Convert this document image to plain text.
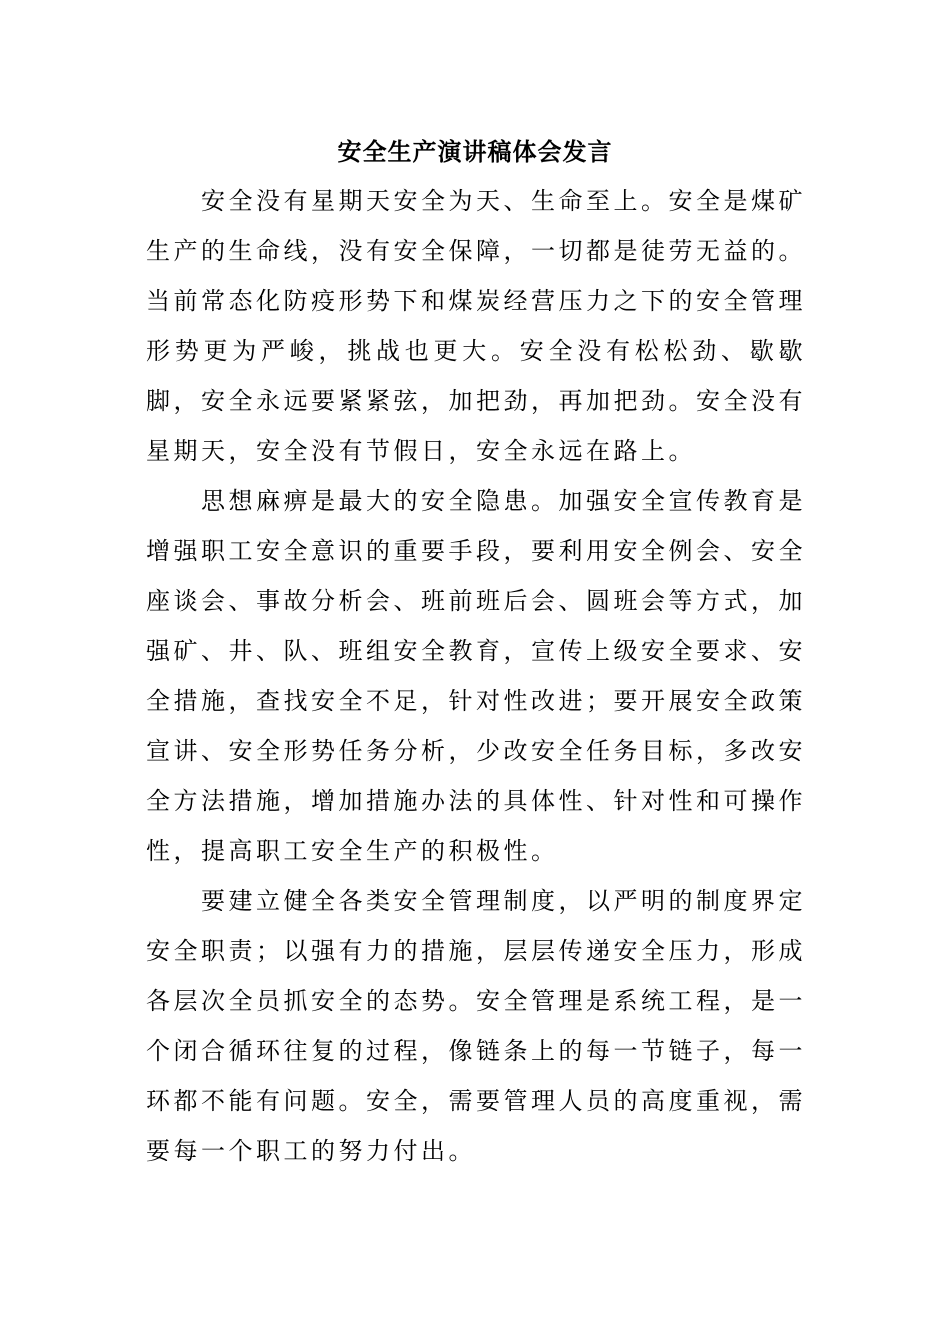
安全生产演讲稿体会发言

安全没有星期天安全为天、生命至上。安全是煤矿生产的生命线，没有安全保障，一切都是徒劳无益的。当前常态化防疫形势下和煤炭经营压力之下的安全管理形势更为严峻，挑战也更大。安全没有松松劲、歇歇脚，安全永远要紧紧弦，加把劲，再加把劲。安全没有星期天，安全没有节假日，安全永远在路上。

思想麻痹是最大的安全隐患。加强安全宣传教育是增强职工安全意识的重要手段，要利用安全例会、安全座谈会、事故分析会、班前班后会、圆班会等方式，加强矿、井、队、班组安全教育，宣传上级安全要求、安全措施，查找安全不足，针对性改进；要开展安全政策宣讲、安全形势任务分析，少改安全任务目标，多改安全方法措施，增加措施办法的具体性、针对性和可操作性，提高职工安全生产的积极性。

要建立健全各类安全管理制度，以严明的制度界定安全职责；以强有力的措施，层层传递安全压力，形成各层次全员抓安全的态势。安全管理是系统工程，是一个闭合循环往复的过程，像链条上的每一节链子，每一环都不能有问题。安全，需要管理人员的高度重视，需要每一个职工的努力付出。
